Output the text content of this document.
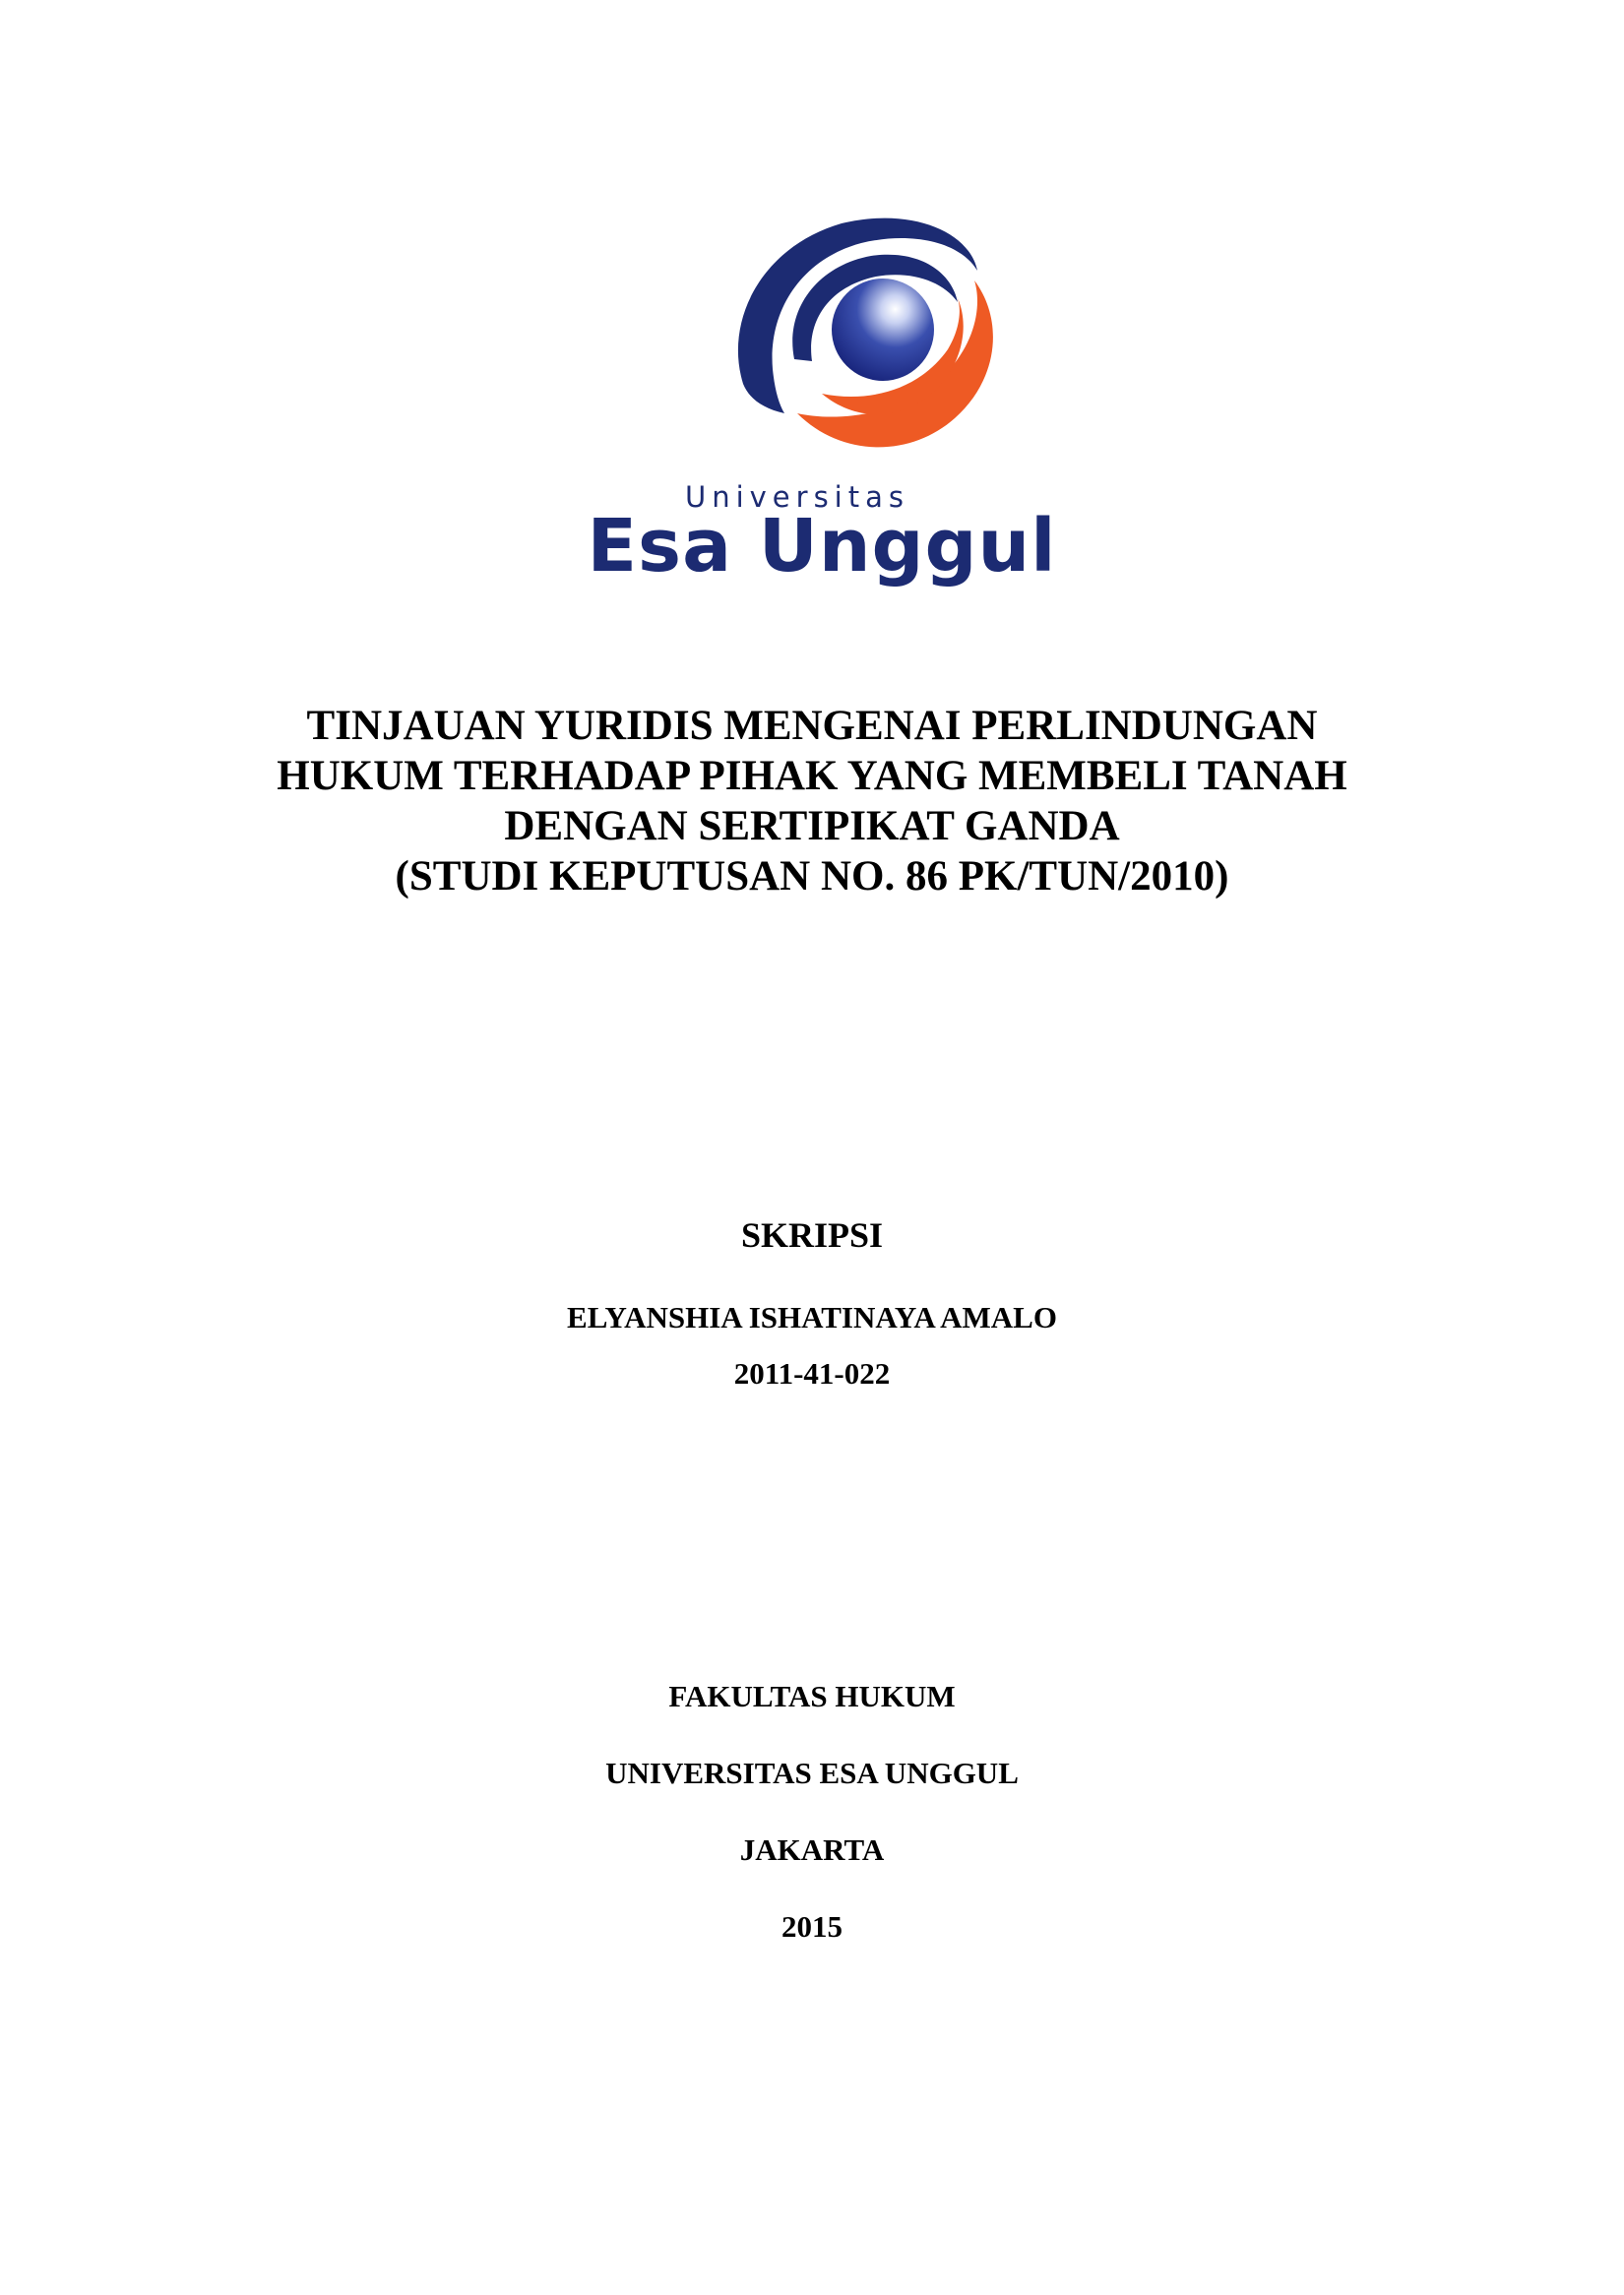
Universitas
Esa Unggul
TINJAUAN YURIDIS MENGENAI PERLINDUNGAN
HUKUM TERHADAP PIHAK YANG MEMBELI TANAH
DENGAN SERTIPIKAT GANDA
(STUDI KEPUTUSAN NO. 86 PK/TUN/2010)
SKRIPSI
ELYANSHIA ISHATINAYA AMALO
2011-41-022
FAKULTAS HUKUM
UNIVERSITAS ESA UNGGUL
JAKARTA
2015
